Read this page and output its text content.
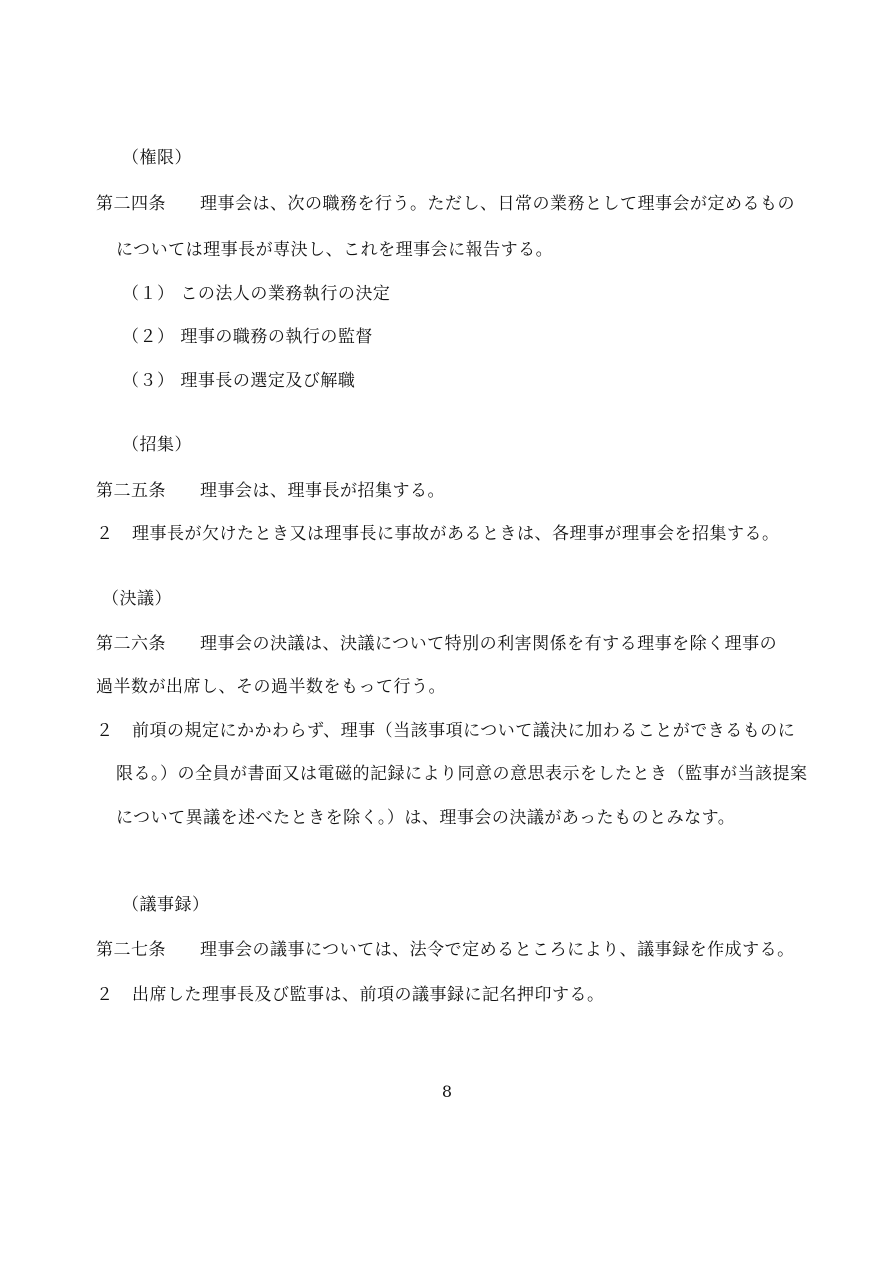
（権限）
第二四条 理事会は、次の職務を行う。ただし、日常の業務として理事会が定めるもの
については理事長が専決し、これを理事会に報告する。
（１） この法人の業務執行の決定
（２） 理事の職務の執行の監督
（３） 理事長の選定及び解職
（招集）
第二五条 理事会は、理事長が招集する。
２ 理事長が欠けたとき又は理事長に事故があるときは、各理事が理事会を招集する。
（決議）
第二六条 理事会の決議は、決議について特別の利害関係を有する理事を除く理事の
過半数が出席し、その過半数をもって行う。
２ 前項の規定にかかわらず、理事（当該事項について議決に加わることができるものに
限る。）の全員が書面又は電磁的記録により同意の意思表示をしたとき（監事が当該提案
について異議を述べたときを除く。）は、理事会の決議があったものとみなす。
（議事録）
第二七条 理事会の議事については、法令で定めるところにより、議事録を作成する。
２ 出席した理事長及び監事は、前項の議事録に記名押印する。
8
